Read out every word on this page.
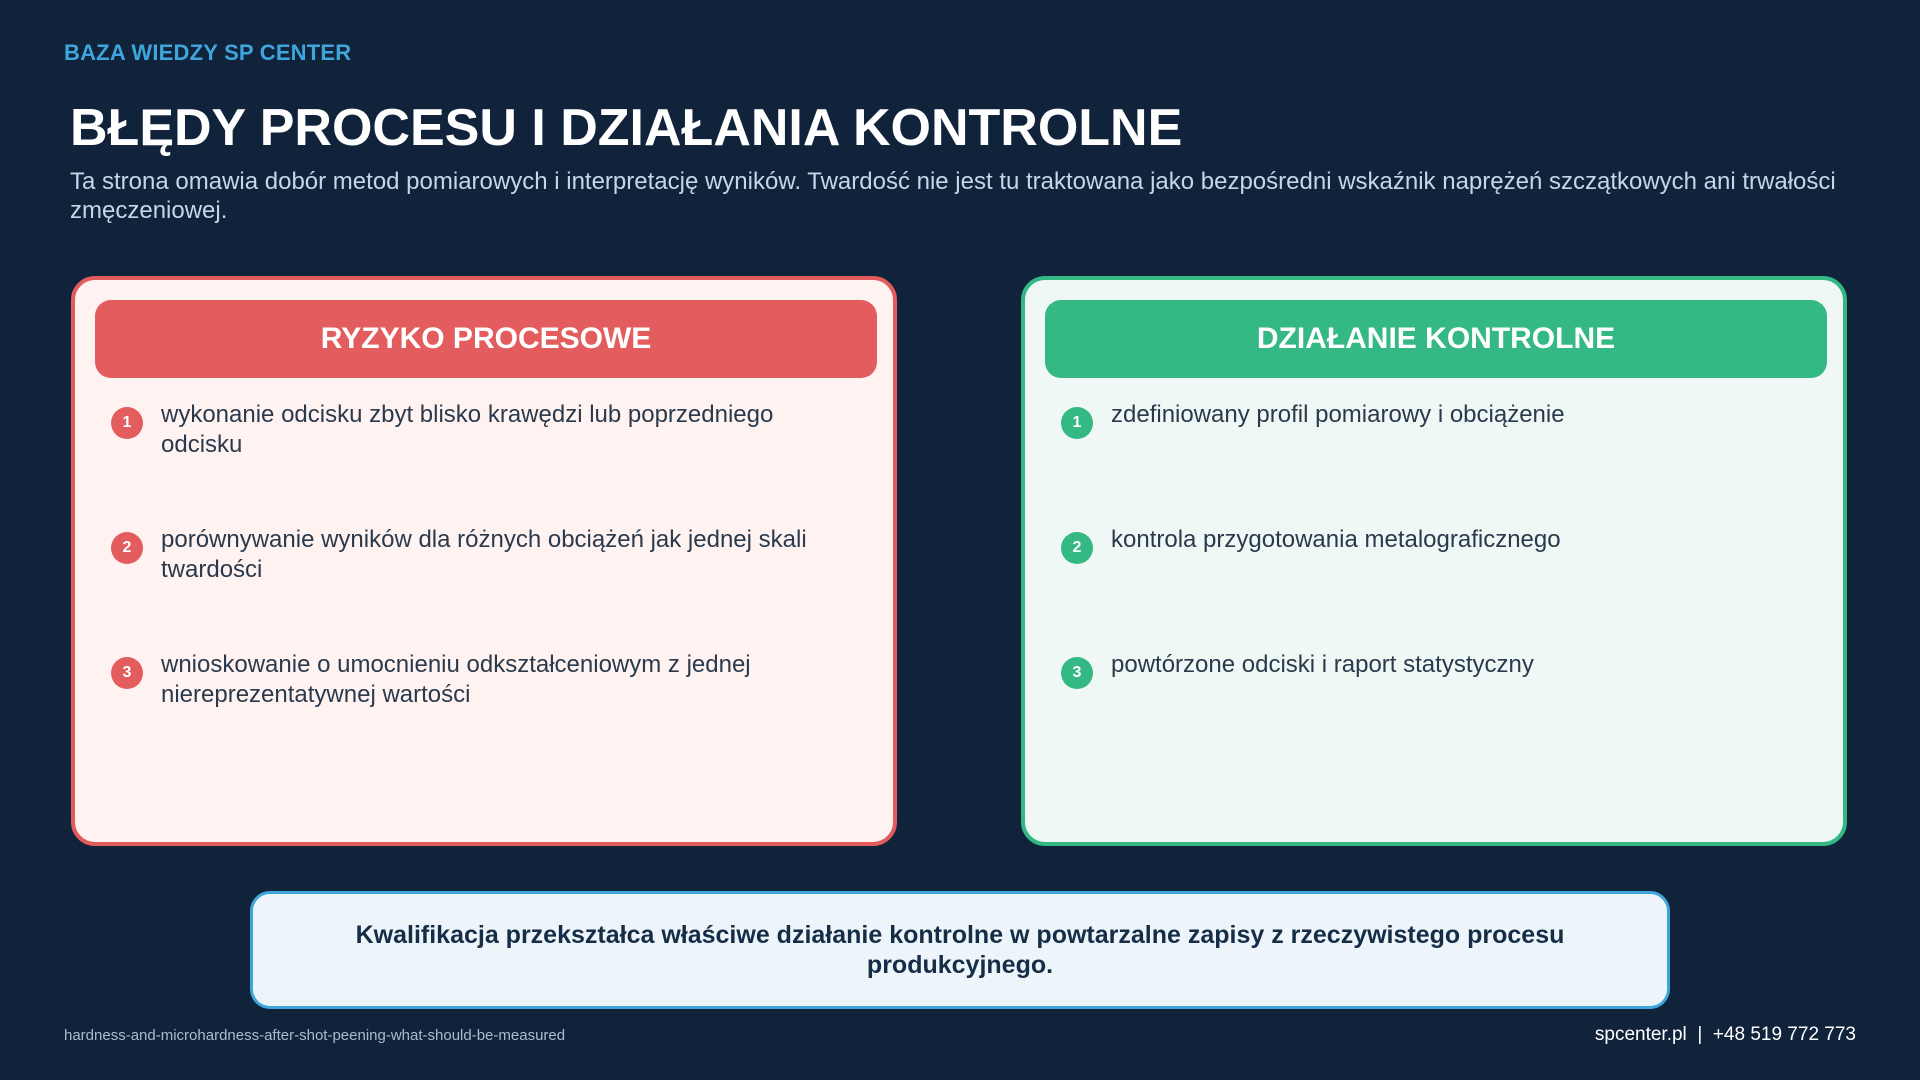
BAZA WIEDZY SP CENTER
BŁĘDY PROCESU I DZIAŁANIA KONTROLNE
Ta strona omawia dobór metod pomiarowych i interpretację wyników. Twardość nie jest tu traktowana jako bezpośredni wskaźnik naprężeń szczątkowych ani trwałości zmęczeniowej.
RYZYKO PROCESOWE
1	wykonanie odcisku zbyt blisko krawędzi lub poprzedniego odcisku
2	porównywanie wyników dla różnych obciążeń jak jednej skali twardości
3	wnioskowanie o umocnieniu odkształceniowym z jednej niereprezentatywnej wartości
DZIAŁANIE KONTROLNE
1	zdefiniowany profil pomiarowy i obciążenie
2	kontrola przygotowania metalograficznego
3	powtórzone odciski i raport statystyczny
Kwalifikacja przekształca właściwe działanie kontrolne w powtarzalne zapisy z rzeczywistego procesu produkcyjnego.
hardness-and-microhardness-after-shot-peening-what-should-be-measured	spcenter.pl  |  +48 519 772 773
